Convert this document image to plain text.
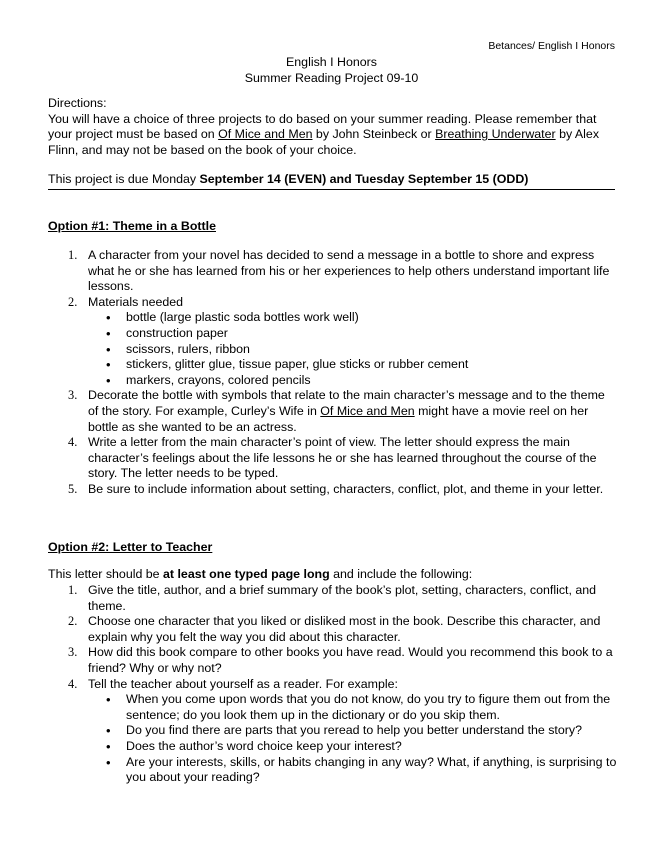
Betances/ English I Honors
English I Honors
Summer Reading Project 09-10
Directions:
You will have a choice of three projects to do based on your summer reading. Please remember that your project must be based on Of Mice and Men by John Steinbeck or Breathing Underwater by Alex Flinn, and may not be based on the book of your choice.
This project is due Monday September 14 (EVEN) and Tuesday September 15 (ODD)
Option #1: Theme in a Bottle
1. A character from your novel has decided to send a message in a bottle to shore and express what he or she has learned from his or her experiences to help others understand important life lessons.
2. Materials needed
• bottle (large plastic soda bottles work well)
• construction paper
• scissors, rulers, ribbon
• stickers, glitter glue, tissue paper, glue sticks or rubber cement
• markers, crayons, colored pencils
3. Decorate the bottle with symbols that relate to the main character’s message and to the theme of the story. For example, Curley’s Wife in Of Mice and Men might have a movie reel on her bottle as she wanted to be an actress.
4. Write a letter from the main character’s point of view. The letter should express the main character’s feelings about the life lessons he or she has learned throughout the course of the story. The letter needs to be typed.
5. Be sure to include information about setting, characters, conflict, plot, and theme in your letter.
Option #2: Letter to Teacher
This letter should be at least one typed page long and include the following:
1. Give the title, author, and a brief summary of the book’s plot, setting, characters, conflict, and theme.
2. Choose one character that you liked or disliked most in the book. Describe this character, and explain why you felt the way you did about this character.
3. How did this book compare to other books you have read. Would you recommend this book to a friend? Why or why not?
4. Tell the teacher about yourself as a reader. For example:
• When you come upon words that you do not know, do you try to figure them out from the sentence; do you look them up in the dictionary or do you skip them.
• Do you find there are parts that you reread to help you better understand the story?
• Does the author’s word choice keep your interest?
• Are your interests, skills, or habits changing in any way? What, if anything, is surprising to you about your reading?
